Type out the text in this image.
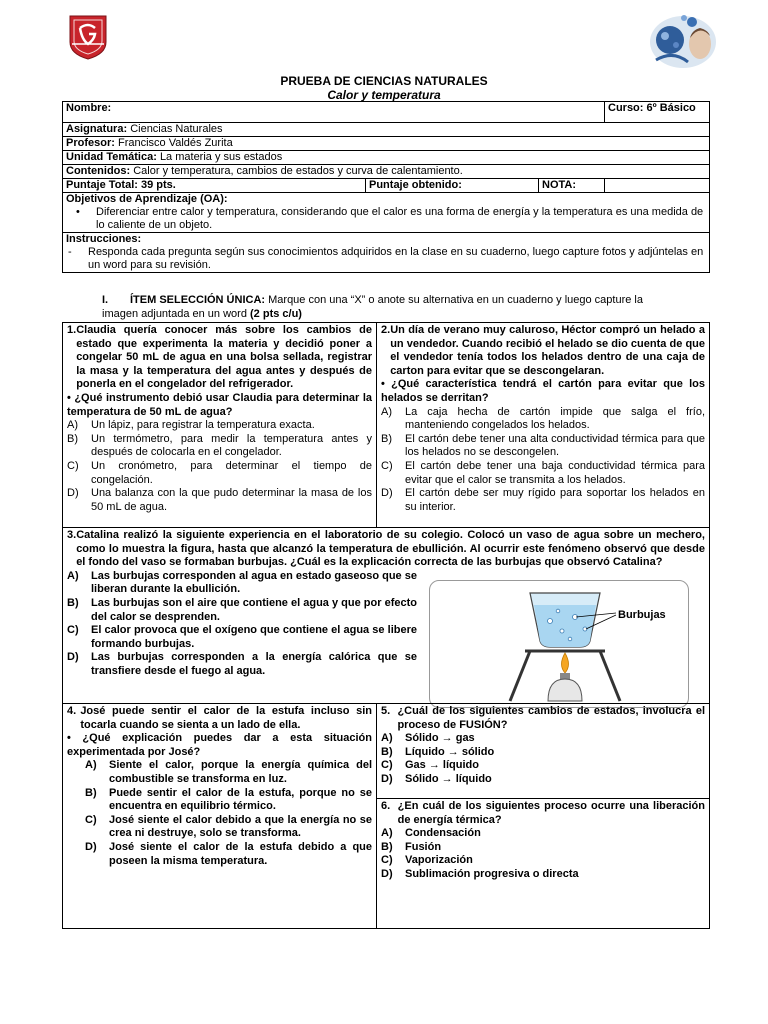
PRUEBA DE CIENCIAS NATURALES
Calor y temperatura
Nombre:		Curso: 6º Básico
Asignatura: Ciencias Naturales		
Profesor: Francisco Valdés Zurita		
Unidad Temática: La materia y sus estados		
Contenidos: Calor y temperatura, cambios de estados y curva de calentamiento.		
Puntaje Total: 39 pts.	Puntaje obtenido: NOTA:	

Objetivos de Aprendizaje (OA):
• Diferenciar entre calor y temperatura, considerando que el calor es una forma de energía y la temperatura es una medida de lo caliente de un objeto.

Instrucciones:
- Responda cada pregunta según sus conocimientos adquiridos en la clase en su cuaderno, luego capture fotos y adjúntelas en un word para su revisión.
I. ÍTEM SELECCIÓN ÚNICA: Marque con una “X” o anote su alternativa en un cuaderno y luego capture la imagen adjuntada en un word (2 pts c/u)
1. Claudia quería conocer más sobre los cambios de estado que experimenta la materia y decidió poner a congelar 50 mL de agua en una bolsa sellada, registrar la masa y la temperatura del agua antes y después de ponerla en el congelador del refrigerador.
• ¿Qué instrumento debió usar Claudia para determinar la temperatura de 50 mL de agua?
A)	Un lápiz, para registrar la temperatura exacta.
B)	Un termómetro, para medir la temperatura antes y después de colocarla en el congelador.
C)	Un cronómetro, para determinar el tiempo de congelación.
D)	Una balanza con la que pudo determinar la masa de los 50 mL de agua.
2. Un día de verano muy caluroso, Héctor compró un helado a un vendedor. Cuando recibió el helado se dio cuenta de que el vendedor tenía todos los helados dentro de una caja de carton para evitar que se descongelaran.
• ¿Qué característica tendrá el cartón para evitar que los helados se derritan?
A)	La caja hecha de cartón impide que salga el frío, manteniendo congelados los helados.
B)	El cartón debe tener una alta conductividad térmica para que los helados no se descongelen.
C)	El cartón debe tener una baja conductividad térmica para evitar que el calor se transmita a los helados.
D)	El cartón debe ser muy rígido para soportar los helados en su interior.
3. Catalina realizó la siguiente experiencia en el laboratorio de su colegio. Colocó un vaso de agua sobre un mechero, como lo muestra la figura, hasta que alcanzó la temperatura de ebullición. Al ocurrir este fenómeno observó que desde el fondo del vaso se formaban burbujas. ¿Cuál es la explicación correcta de las burbujas que observó Catalina?
A)	Las burbujas corresponden al agua en estado gaseoso que se liberan durante la ebullición.
B)	Las burbujas son el aire que contiene el agua y que por efecto del calor se desprenden.
C)	El calor provoca que el oxígeno que contiene el agua se libere formando burbujas.
D)	Las burbujas corresponden a la energía calórica que se transfiere desde el fuego al agua.
Burbujas
4. José puede sentir el calor de la estufa incluso sin tocarla cuando se sienta a un lado de ella.
• ¿Qué explicación puedes dar a esta situación experimentada por José?
A)	Siente el calor, porque la energía química del combustible se transforma en luz.
B)	Puede sentir el calor de la estufa, porque no se encuentra en equilibrio térmico.
C)	José siente el calor debido a que la energía no se crea ni destruye, solo se transforma.
D)	José siente el calor de la estufa debido a que poseen la misma temperatura.
5. ¿Cuál de los siguientes cambios de estados, involucra el proceso de FUSIÓN?
A)	Sólido → gas
B)	Líquido → sólido
C)	Gas → líquido
D)	Sólido → líquido
6. ¿En cuál de los siguientes proceso ocurre una liberación de energía térmica?
A)	Condensación
B)	Fusión
C)	Vaporización
D)	Sublimación progresiva o directa
